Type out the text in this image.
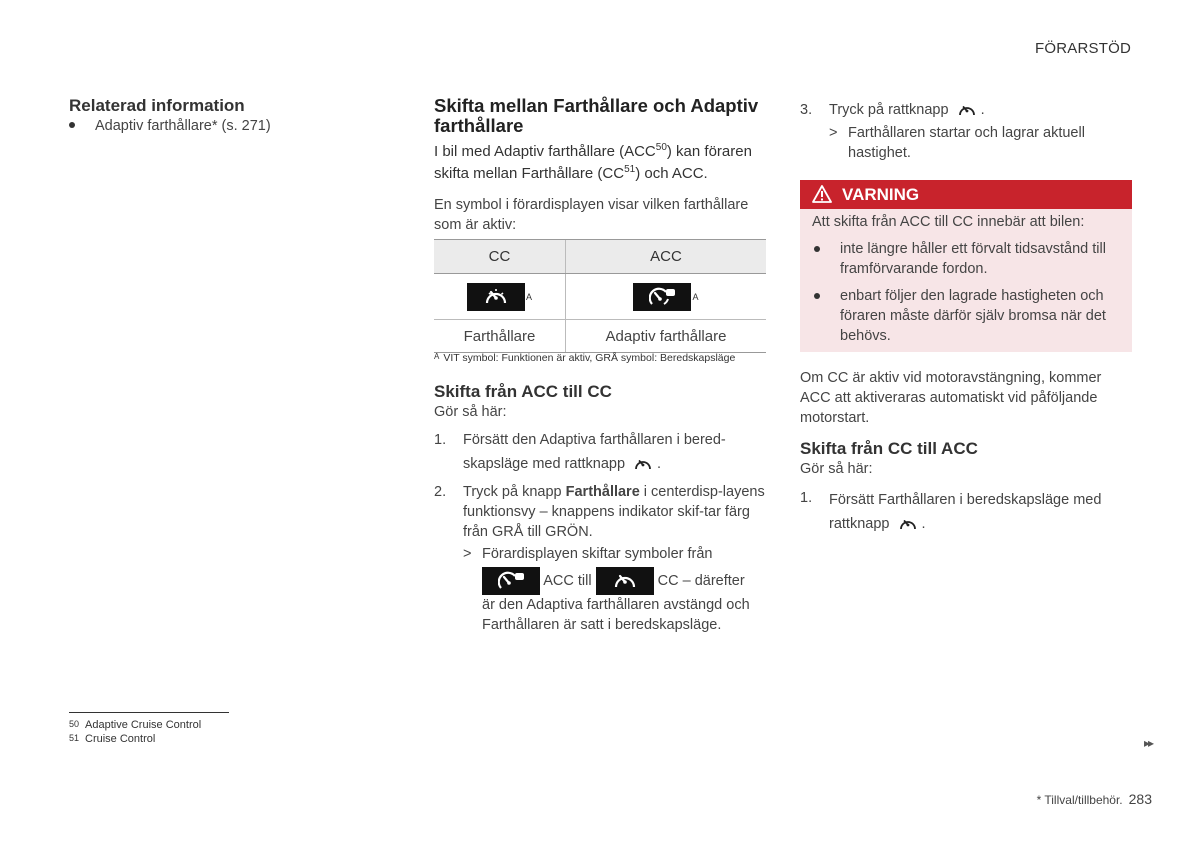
FÖRARSTÖD
Relaterad information
Adaptiv farthållare* (s. 271)
Skifta mellan Farthållare och Adaptiv farthållare
I bil med Adaptiv farthållare (ACC$^{50}$) kan föraren skifta mellan Farthållare (CC$^{51}$) och ACC.
En symbol i förardisplayen visar vilken farthållare som är aktiv:
CC	ACC

A	A
Farthållare	Adaptiv farthållare
$^A$ VIT symbol: Funktionen är aktiv, GRÅ symbol: Beredskapsläge
Skifta från ACC till CC
Gör så här:
1. Försätt den Adaptiva farthållaren i bered-
skapsläge med rattknapp .
2. Tryck på knapp Farthållare i centerdisp-layens funktionsvy – knappens indikator skif-tar färg från GRÅ till GRÖN.
> Förardisplayen skiftar symboler från
ACC till	CC – därefter
är den Adaptiva farthållaren avstängd och Farthållaren är satt i beredskapsläge.
3. Tryck på rattknapp .
> Farthållaren startar och lagrar aktuell hastighet.
VARNING
Att skifta från ACC till CC innebär att bilen:
inte längre håller ett förvalt tidsavstånd till framförvarande fordon.
enbart följer den lagrade hastigheten och föraren måste därför själv bromsa när det behövs.
Om CC är aktiv vid motoravstängning, kommer ACC att aktiveraras automatiskt vid påföljande motorstart.
Skifta från CC till ACC
Gör så här:
1. Försätt Farthållaren i beredskapsläge med rattknapp .
50 Adaptive Cruise Control
51 Cruise Control	▸▸
* Tillval/tillbehör. 283
